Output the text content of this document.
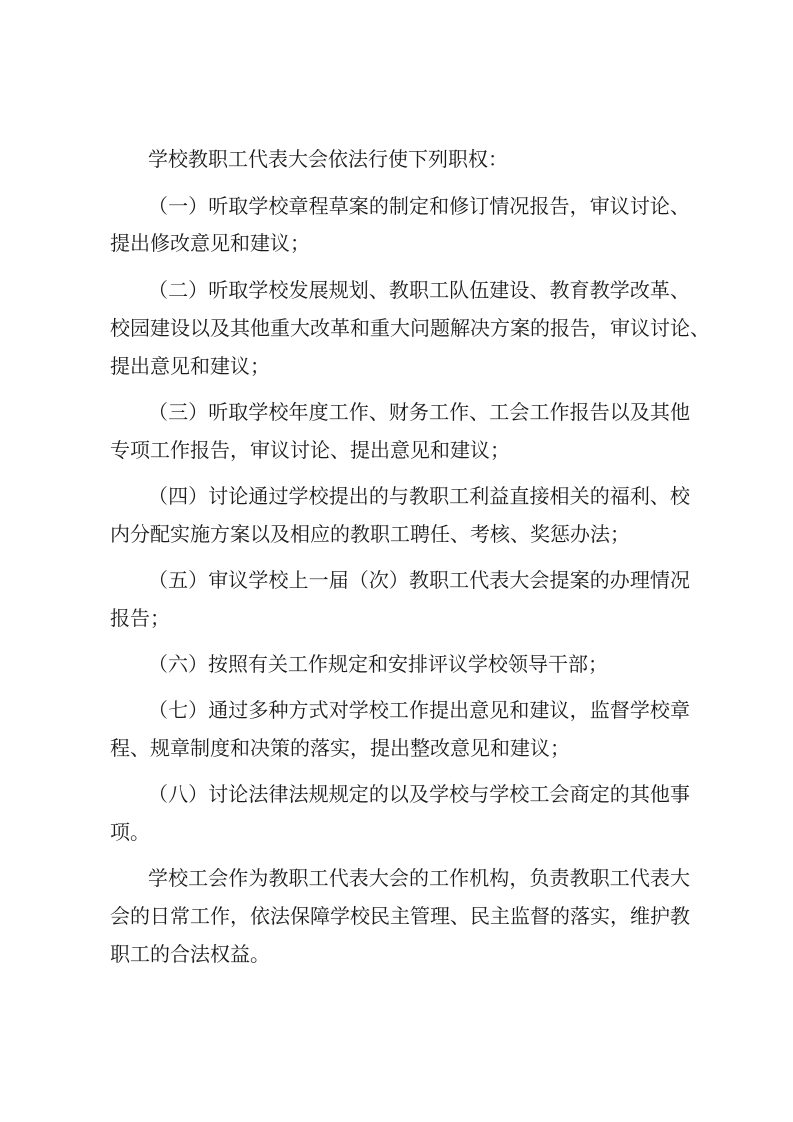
学校教职工代表大会依法行使下列职权：
（一）听取学校章程草案的制定和修订情况报告，审议讨论、
提出修改意见和建议；
（二）听取学校发展规划、教职工队伍建设、教育教学改革、
校园建设以及其他重大改革和重大问题解决方案的报告，审议讨论、
提出意见和建议；
（三）听取学校年度工作、财务工作、工会工作报告以及其他
专项工作报告，审议讨论、提出意见和建议；
（四）讨论通过学校提出的与教职工利益直接相关的福利、校
内分配实施方案以及相应的教职工聘任、考核、奖惩办法；
（五）审议学校上一届（次）教职工代表大会提案的办理情况
报告；
（六）按照有关工作规定和安排评议学校领导干部；
（七）通过多种方式对学校工作提出意见和建议，监督学校章
程、规章制度和决策的落实，提出整改意见和建议；
（八）讨论法律法规规定的以及学校与学校工会商定的其他事
项。
学校工会作为教职工代表大会的工作机构，负责教职工代表大
会的日常工作，依法保障学校民主管理、民主监督的落实，维护教
职工的合法权益。
